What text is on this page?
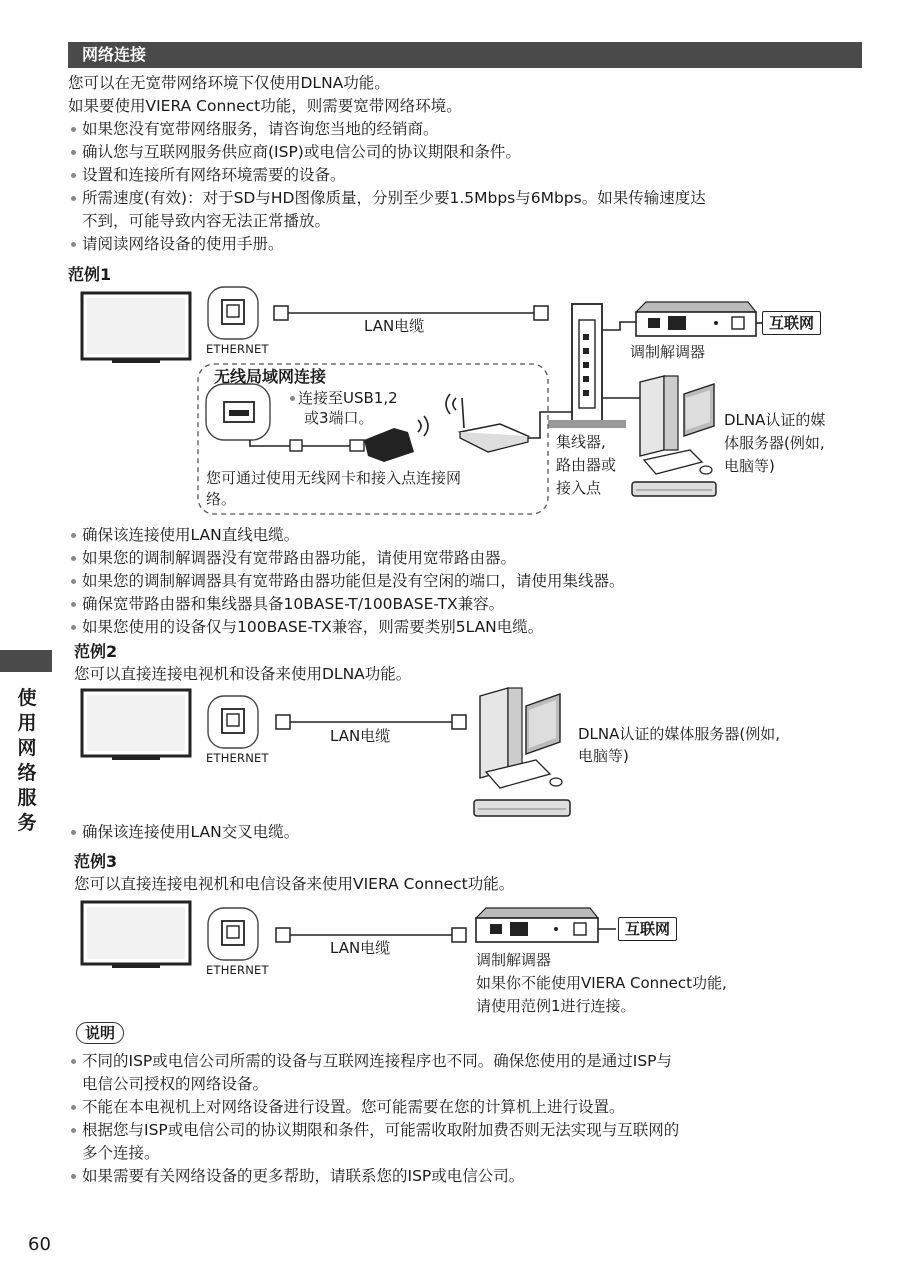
网络连接
您可以在无宽带网络环境下仅使用DLNA功能。
如果要使用VIERA Connect功能，则需要宽带网络环境。
如果您没有宽带网络服务，请咨询您当地的经销商。
确认您与互联网服务供应商(ISP)或电信公司的协议期限和条件。
设置和连接所有网络环境需要的设备。
所需速度(有效)：对于SD与HD图像质量，分别至少要1.5Mbps与6Mbps。如果传输速度达
不到，可能导致内容无法正常播放。
请阅读网络设备的使用手册。
范例1
ETHERNET
LAN电缆	互联网
调制解调器
无线局域网连接
连接至USB1,2
或3端口。
您可通过使用无线网卡和接入点连接网
络。
集线器,
路由器或
接入点
DLNA认证的媒
体服务器(例如,
电脑等)
确保该连接使用LAN直线电缆。
如果您的调制解调器没有宽带路由器功能，请使用宽带路由器。
如果您的调制解调器具有宽带路由器功能但是没有空闲的端口，请使用集线器。
确保宽带路由器和集线器具备10BASE-T/100BASE-TX兼容。
如果您使用的设备仅与100BASE-TX兼容，则需要类别5LAN电缆。
范例2
您可以直接连接电视机和设备来使用DLNA功能。
ETHERNET
LAN电缆	DLNA认证的媒体服务器(例如,
电脑等)
确保该连接使用LAN交叉电缆。
范例3
您可以直接连接电视机和电信设备来使用VIERA Connect功能。
ETHERNET
LAN电缆
互联网
调制解调器
如果你不能使用VIERA Connect功能,
请使用范例1进行连接。
说明
不同的ISP或电信公司所需的设备与互联网连接程序也不同。确保您使用的是通过ISP与
电信公司授权的网络设备。
不能在本电视机上对网络设备进行设置。您可能需要在您的计算机上进行设置。
根据您与ISP或电信公司的协议期限和条件，可能需收取附加费否则无法实现与互联网的
多个连接。
如果需要有关网络设备的更多帮助，请联系您的ISP或电信公司。
使用网络服务
60
